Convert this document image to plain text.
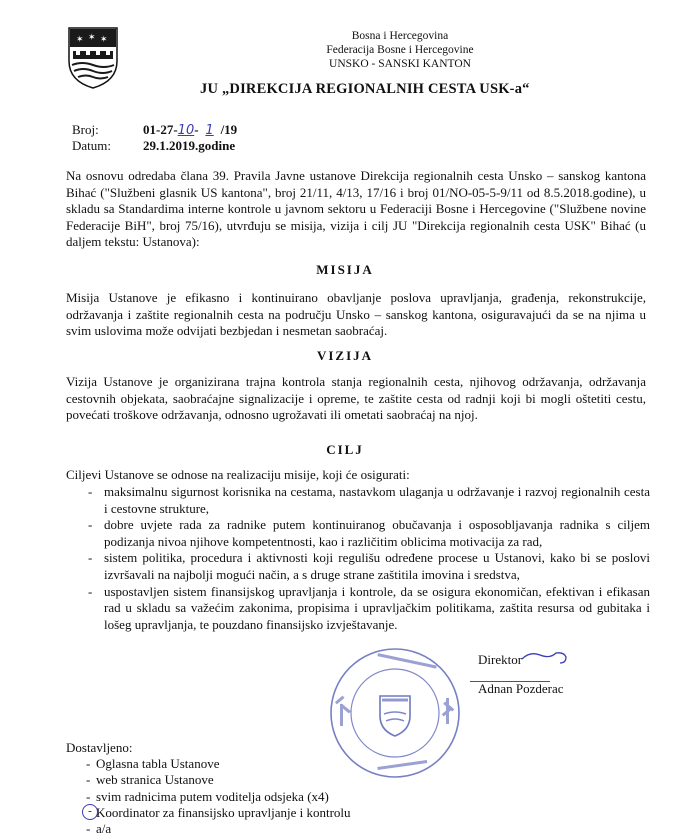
✶ ✶ ✶	Bosna i Hercegovina
Federacija Bosne i Hercegovine
UNSKO - SANSKI KANTON
JU „DIREKCIJA REGIONALNIH CESTA USK-a“
Broj:	01-27-10- 1 /19
Datum: 29.1.2019.godine
Na osnovu odredaba člana 39. Pravila Javne ustanove Direkcija regionalnih cesta Unsko – sanskog kantona Bihać ("Službeni glasnik US kantona", broj 21/11, 4/13, 17/16 i broj 01/NO-05-5-9/11 od 8.5.2018.godine), u skladu sa Standardima interne kontrole u javnom sektoru u Federaciji Bosne i Hercegovine ("Službene novine Federacije BiH", broj 75/16), utvrđuju se misija, vizija i cilj JU "Direkcija regionalnih cesta USK" Bihać (u daljem tekstu: Ustanova):
MISIJA
Misija Ustanove je efikasno i kontinuirano obavljanje poslova upravljanja, građenja, rekonstrukcije, održavanja i zaštite regionalnih cesta na području Unsko – sanskog kantona, osiguravajući da se na njima u svim uslovima može odvijati bezbjedan i nesmetan saobraćaj.
VIZIJA
Vizija Ustanove je organizirana trajna kontrola stanja regionalnih cesta, njihovog održavanja, održavanja cestovnih objekata, saobraćajne signalizacije i opreme, te zaštite cesta od radnji koji bi mogli oštetiti cestu, povećati troškove održavanja, odnosno ugrožavati ili ometati saobraćaj na njoj.
CILJ
Ciljevi Ustanove se odnose na realizaciju misije, koji će osigurati:
- maksimalnu sigurnost korisnika na cestama, nastavkom ulaganja u održavanje i razvoj regionalnih cesta i cestovne strukture,
- dobre uvjete rada za radnike putem kontinuiranog obučavanja i osposobljavanja radnika s ciljem podizanja nivoa njihove kompetentnosti, kao i različitim oblicima motivacija za rad,
- sistem politika, procedura i aktivnosti koji regulišu određene procese u Ustanovi, kako bi se poslovi izvršavali na najbolji mogući način, a s druge strane zaštitila imovina i sredstva,
- uspostavljen sistem finansijskog upravljanja i kontrole, da se osigura ekonomičan, efektivan i efikasan rad u skladu sa važećim zakonima, propisima i upravljačkim politikama, zaštita resursa od gubitaka i lošeg upravljanja, te pouzdano finansijsko izvještavanje.
Direktor
Adnan Pozderac
Dostavljeno:
- Oglasna tabla Ustanove
- web stranica Ustanove
- svim radnicima putem voditelja odsjeka (x4)
- Koordinator za finansijsko upravljanje i kontrolu
- a/a
